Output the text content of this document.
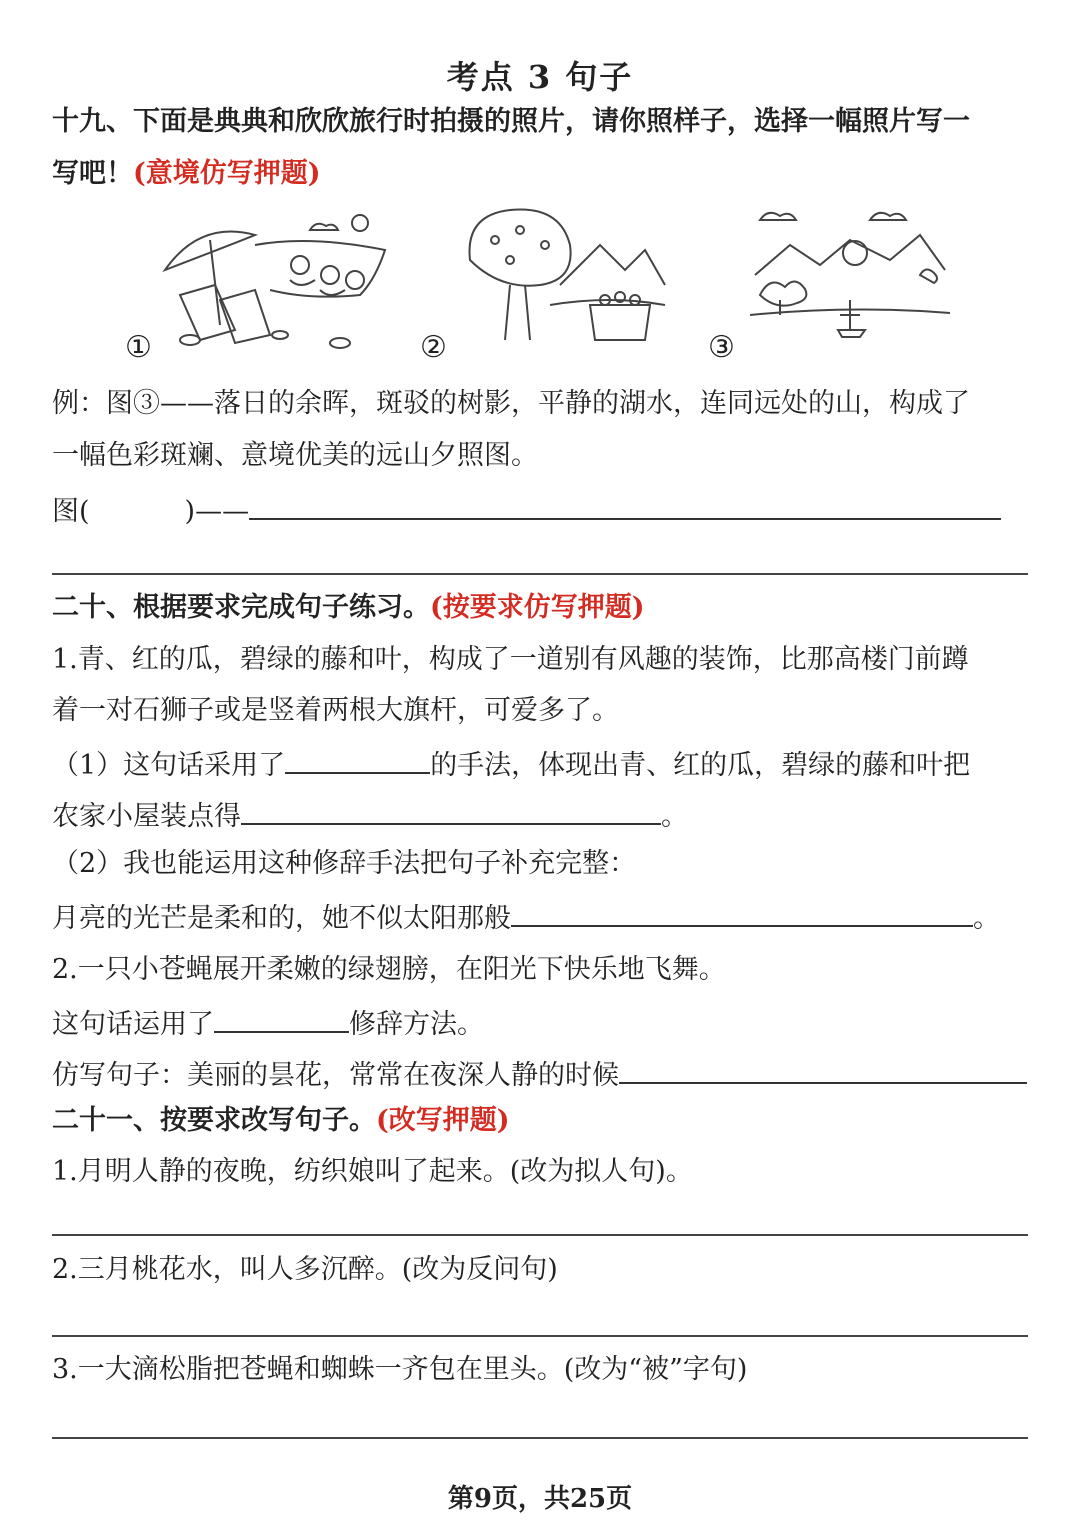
考点 3 句子
十九、下面是典典和欣欣旅行时拍摄的照片，请你照样子，选择一幅照片写一
写吧！(意境仿写押题)
①	②	③
例：图③——落日的余晖，斑驳的树影，平静的湖水，连同远处的山，构成了
一幅色彩斑斓、意境优美的远山夕照图。
图(	)——
二十、根据要求完成句子练习。(按要求仿写押题)
1.青、红的瓜，碧绿的藤和叶，构成了一道别有风趣的装饰，比那高楼门前蹲
着一对石狮子或是竖着两根大旗杆，可爱多了。
（1）这句话采用了	的手法，体现出青、红的瓜，碧绿的藤和叶把
农家小屋装点得	。
（2）我也能运用这种修辞手法把句子补充完整：
月亮的光芒是柔和的，她不似太阳那般	。
2.一只小苍蝇展开柔嫩的绿翅膀，在阳光下快乐地飞舞。
这句话运用了	修辞方法。
仿写句子：美丽的昙花，常常在夜深人静的时候
二十一、按要求改写句子。(改写押题)
1.月明人静的夜晚，纺织娘叫了起来。(改为拟人句)。
2.三月桃花水，叫人多沉醉。(改为反问句)
3.一大滴松脂把苍蝇和蜘蛛一齐包在里头。(改为“被”字句)
第9页，共25页
